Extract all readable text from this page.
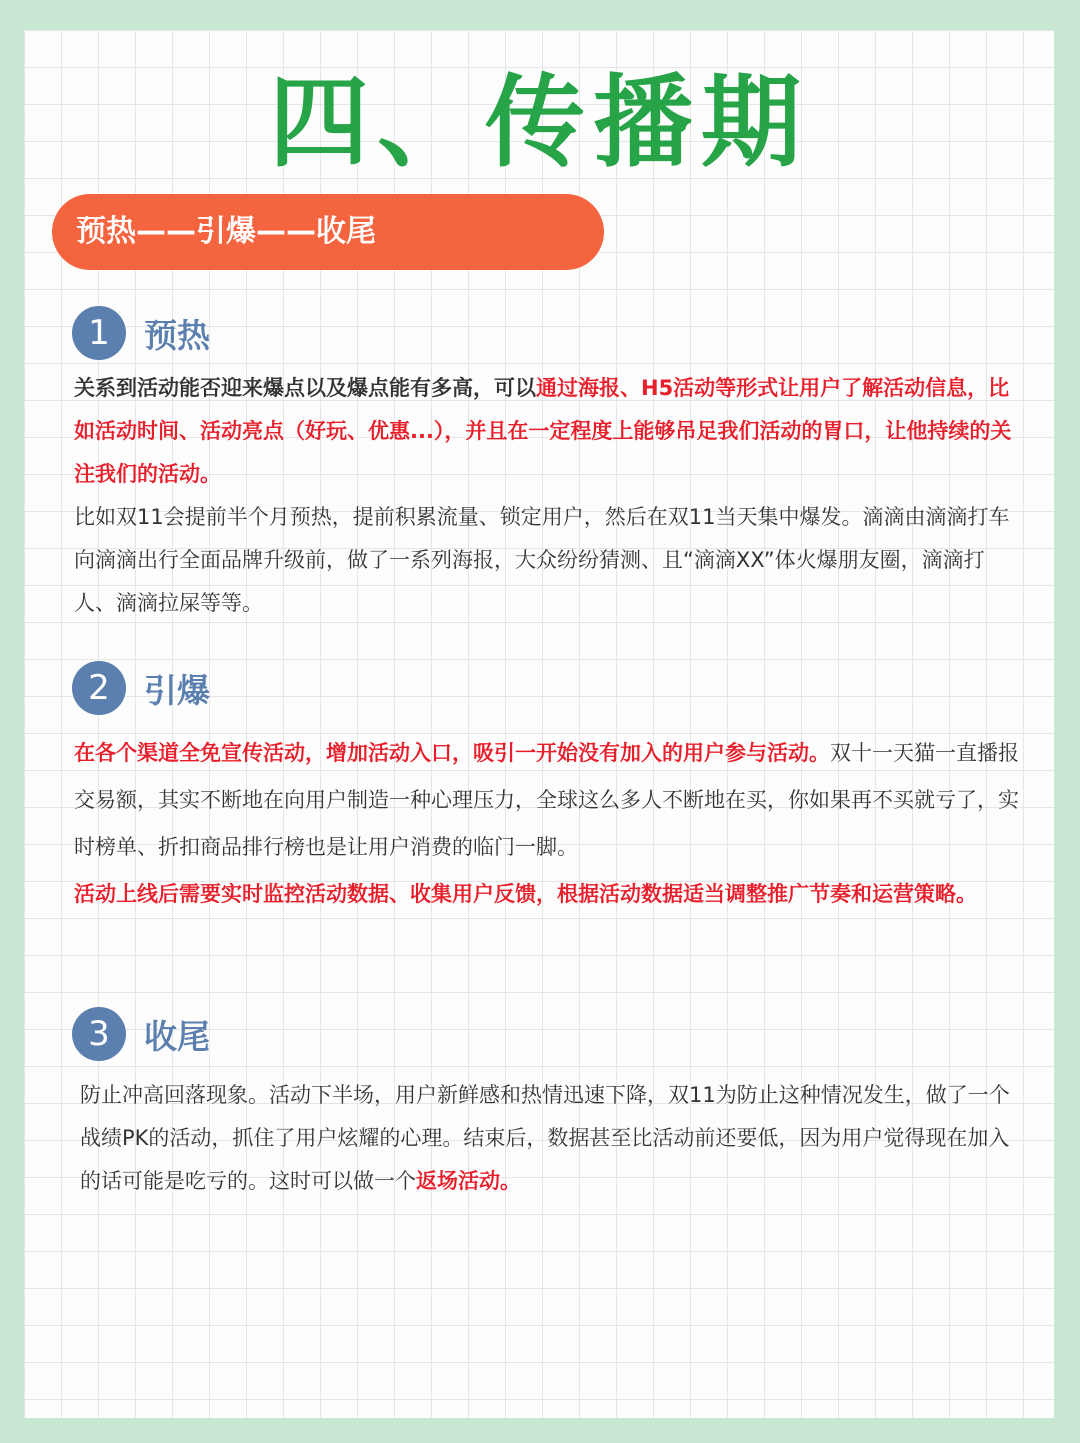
四、传播期
预热——引爆——收尾
1	预热

关系到活动能否迎来爆点以及爆点能有多高，可以通过海报、H5活动等形式让用户了解活动信息，比如活动时间、活动亮点（好玩、优惠...），并且在一定程度上能够吊足我们活动的胃口，让他持续的关注我们的活动。

比如双11会提前半个月预热，提前积累流量、锁定用户，然后在双11当天集中爆发。滴滴由滴滴打车向滴滴出行全面品牌升级前，做了一系列海报，大众纷纷猜测、且“滴滴XX”体火爆朋友圈，滴滴打人、滴滴拉屎等等。

2	引爆

在各个渠道全免宣传活动，增加活动入口，吸引一开始没有加入的用户参与活动。双十一天猫一直播报交易额，其实不断地在向用户制造一种心理压力，全球这么多人不断地在买，你如果再不买就亏了，实时榜单、折扣商品排行榜也是让用户消费的临门一脚。

活动上线后需要实时监控活动数据、收集用户反馈，根据活动数据适当调整推广节奏和运营策略。

3	收尾

防止冲高回落现象。活动下半场，用户新鲜感和热情迅速下降，双11为防止这种情况发生，做了一个战绩PK的活动，抓住了用户炫耀的心理。结束后，数据甚至比活动前还要低，因为用户觉得现在加入的话可能是吃亏的。这时可以做一个返场活动。
